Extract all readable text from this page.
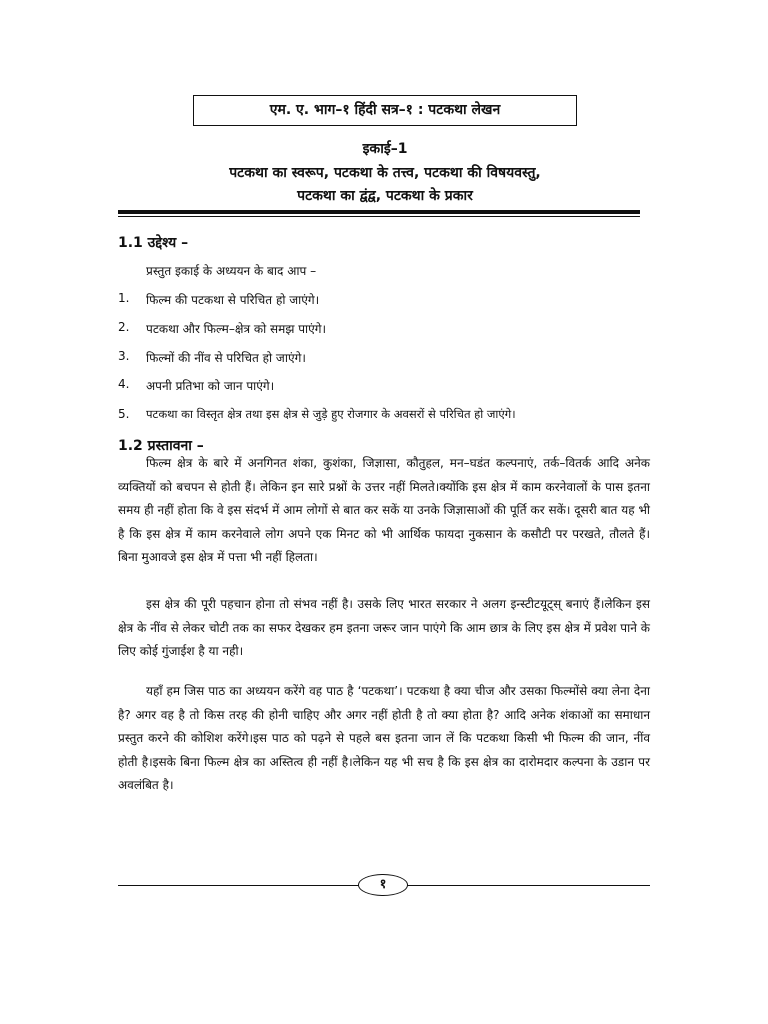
एम. ए. भाग–१ हिंदी सत्र–१ : पटकथा लेखन
इकाई–1
पटकथा का स्वरूप, पटकथा के तत्त्व, पटकथा की विषयवस्तु,
पटकथा का द्वंद्व, पटकथा के प्रकार
1.1 उद्देश्य –
प्रस्तुत इकाई के अध्ययन के बाद आप –
1. फिल्म की पटकथा से परिचित हो जाएंगे।
2. पटकथा और फिल्म–क्षेत्र को समझ पाएंगे।
3. फिल्मों की नींव से परिचित हो जाएंगे।
4. अपनी प्रतिभा को जान पाएंगे।
5. पटकथा का विस्तृत क्षेत्र तथा इस क्षेत्र से जुड़े हुए रोजगार के अवसरों से परिचित हो जाएंगे।
1.2 प्रस्तावना –

फिल्म क्षेत्र के बारे में अनगिनत शंका, कुशंका, जिज्ञासा, कौतुहल, मन–घडंत कल्पनाएं, तर्क–वितर्क आदि अनेक व्यक्तियों को बचपन से होती हैं। लेकिन इन सारे प्रश्नों के उत्तर नहीं मिलते।क्योंकि इस क्षेत्र में काम करनेवालों के पास इतना समय ही नहीं होता कि वे इस संदर्भ में आम लोगों से बात कर सकें या उनके जिज्ञासाओं की पूर्ति कर सकें। दूसरी बात यह भी है कि इस क्षेत्र में काम करनेवाले लोग अपने एक मिनट को भी आर्थिक फायदा नुकसान के कसौटी पर परखते, तौलते हैं। बिना मुआवजे इस क्षेत्र में पत्ता भी नहीं हिलता।

इस क्षेत्र की पूरी पहचान होना तो संभव नहीं है। उसके लिए भारत सरकार ने अलग इन्स्टीटयूट्स् बनाएं हैं।लेकिन इस क्षेत्र के नींव से लेकर चोटी तक का सफर देखकर हम इतना जरूर जान पाएंगे कि आम छात्र के लिए इस क्षेत्र में प्रवेश पाने के लिए कोई गुंजाईश है या नही।

यहाँ हम जिस पाठ का अध्ययन करेंगे वह पाठ है ‘पटकथा’। पटकथा है क्या चीज और उसका फिल्मोंसे क्या लेना देना है? अगर वह है तो किस तरह की होनी चाहिए और अगर नहीं होती है तो क्या होता है? आदि अनेक शंकाओं का समाधान प्रस्तुत करने की कोशिश करेंगे।इस पाठ को पढ़ने से पहले बस इतना जान लें कि पटकथा किसी भी फिल्म की जान, नींव होती है।इसके बिना फिल्म क्षेत्र का अस्तित्व ही नहीं है।लेकिन यह भी सच है कि इस क्षेत्र का दारोमदार कल्पना के उडान पर अवलंबित है।

१
